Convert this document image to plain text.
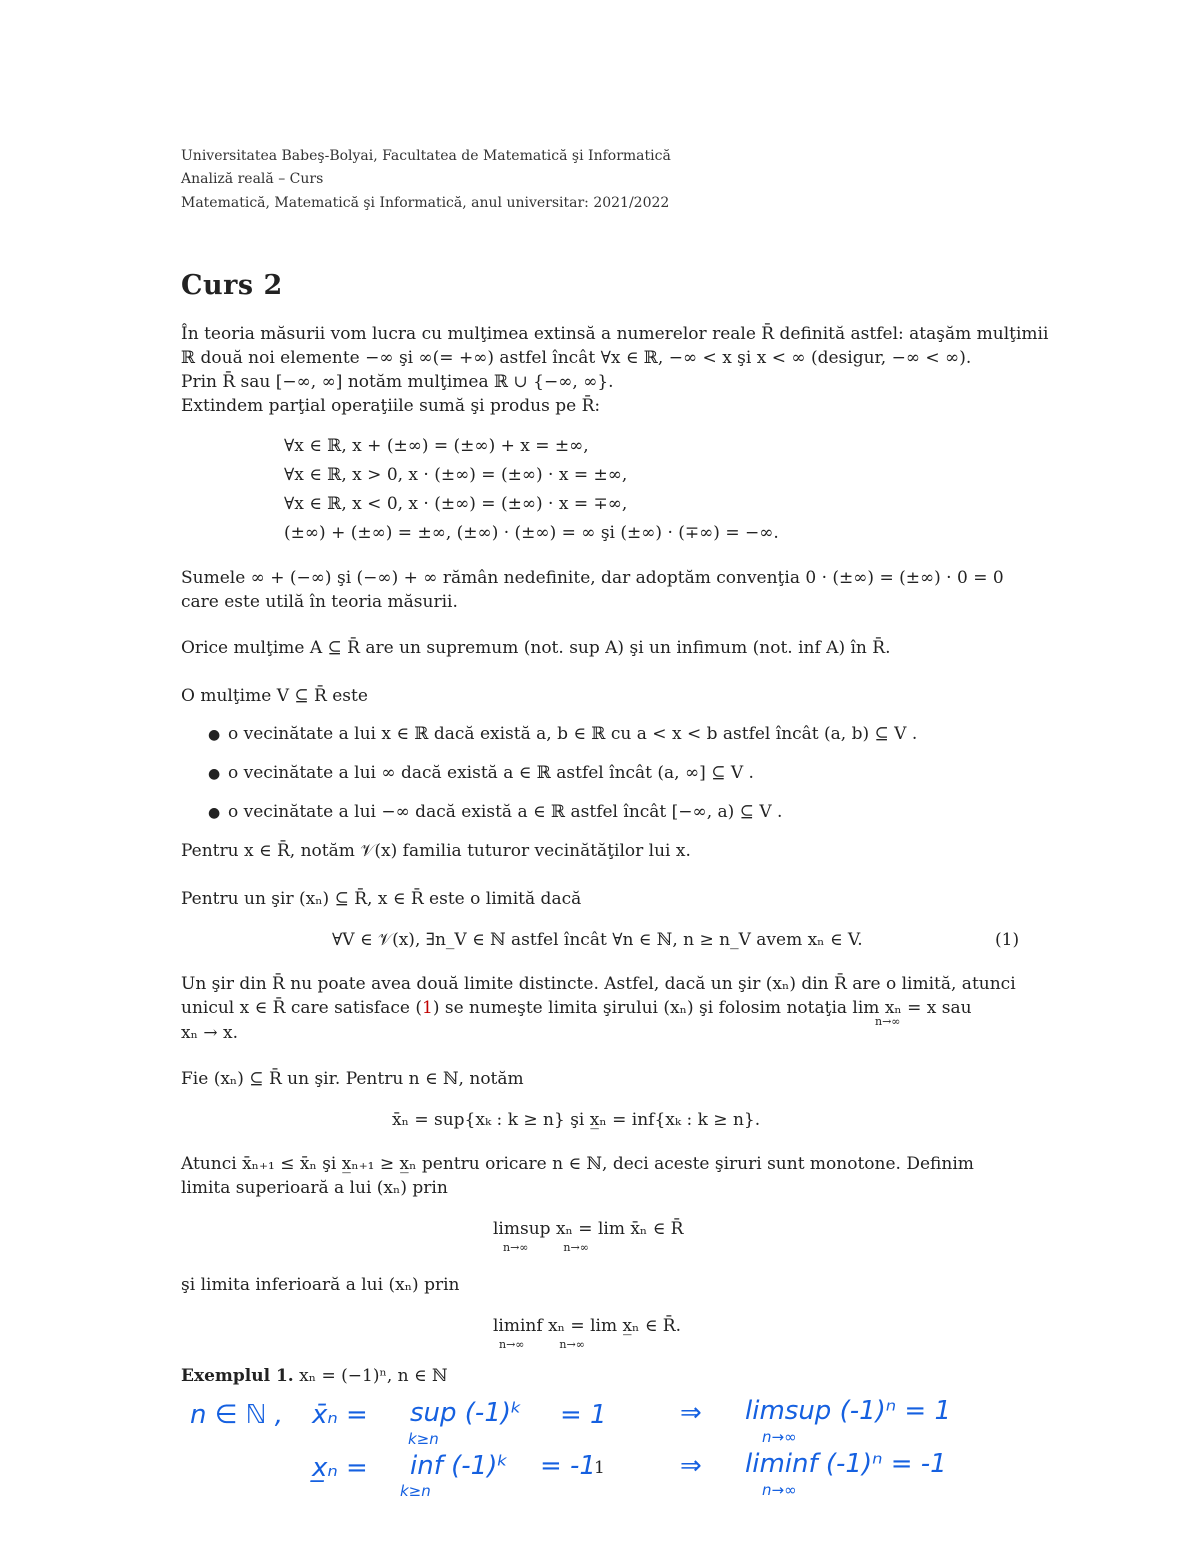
Universitatea Babeş-Bolyai, Facultatea de Matematică şi Informatică
Analiză reală – Curs
Matematică, Matematică şi Informatică, anul universitar: 2021/2022
Curs 2
În teoria măsurii vom lucra cu mulţimea extinsă a numerelor reale R̄ definită astfel: ataşăm mulţimii
ℝ două noi elemente −∞ şi ∞(= +∞) astfel încât ∀x ∈ ℝ, −∞ < x şi x < ∞ (desigur, −∞ < ∞).
Prin R̄ sau [−∞, ∞] notăm mulţimea ℝ ∪ {−∞, ∞}.
Extindem parţial operaţiile sumă şi produs pe R̄:
∀x ∈ ℝ, x + (±∞) = (±∞) + x = ±∞,
∀x ∈ ℝ, x > 0, x · (±∞) = (±∞) · x = ±∞,
∀x ∈ ℝ, x < 0, x · (±∞) = (±∞) · x = ∓∞,
(±∞) + (±∞) = ±∞, (±∞) · (±∞) = ∞ şi (±∞) · (∓∞) = −∞.
Sumele ∞ + (−∞) şi (−∞) + ∞ rămân nedefinite, dar adoptăm convenţia 0 · (±∞) = (±∞) · 0 = 0
care este utilă în teoria măsurii.
Orice mulţime A ⊆ R̄ are un supremum (not. sup A) şi un infimum (not. inf A) în R̄.
O mulţime V ⊆ R̄ este
● o vecinătate a lui x ∈ ℝ dacă există a, b ∈ ℝ cu a < x < b astfel încât (a, b) ⊆ V .
● o vecinătate a lui ∞ dacă există a ∈ ℝ astfel încât (a, ∞] ⊆ V .
● o vecinătate a lui −∞ dacă există a ∈ ℝ astfel încât [−∞, a) ⊆ V .
Pentru x ∈ R̄, notăm 𝒱(x) familia tuturor vecinătăţilor lui x.
Pentru un şir (xₙ) ⊆ R̄, x ∈ R̄ este o limită dacă
∀V ∈ 𝒱(x), ∃n_V ∈ ℕ astfel încât ∀n ∈ ℕ, n ≥ n_V avem xₙ ∈ V.	(1)
Un şir din R̄ nu poate avea două limite distincte. Astfel, dacă un şir (xₙ) din R̄ are o limită, atunci
unicul x ∈ R̄ care satisface (1) se numeşte limita şirului (xₙ) şi folosim notaţia lim xₙ = x sau
n→∞
xₙ → x.
Fie (xₙ) ⊆ R̄ un şir. Pentru n ∈ ℕ, notăm
x̄ₙ = sup{xₖ : k ≥ n} şi x̲ₙ = inf{xₖ : k ≥ n}.
Atunci x̄ₙ₊₁ ≤ x̄ₙ şi x̲ₙ₊₁ ≥ x̲ₙ pentru oricare n ∈ ℕ, deci aceste şiruri sunt monotone. Definim
limita superioară a lui (xₙ) prin
limsup xₙ = lim x̄ₙ ∈ R̄
n→∞          n→∞
şi limita inferioară a lui (xₙ) prin
liminf xₙ = lim x̲ₙ ∈ R̄.
n→∞          n→∞
Exemplul 1. xₙ = (−1)ⁿ, n ∈ ℕ
n ∈ ℕ , x̄ₙ = sup (-1)ᵏ
k≥n
= 1	⇒ limsup (-1)ⁿ = 1
n→∞
x̲ₙ = inf (-1)ᵏ
k≥n
= -1	⇒ liminf (-1)ⁿ = -1
n→∞
1
